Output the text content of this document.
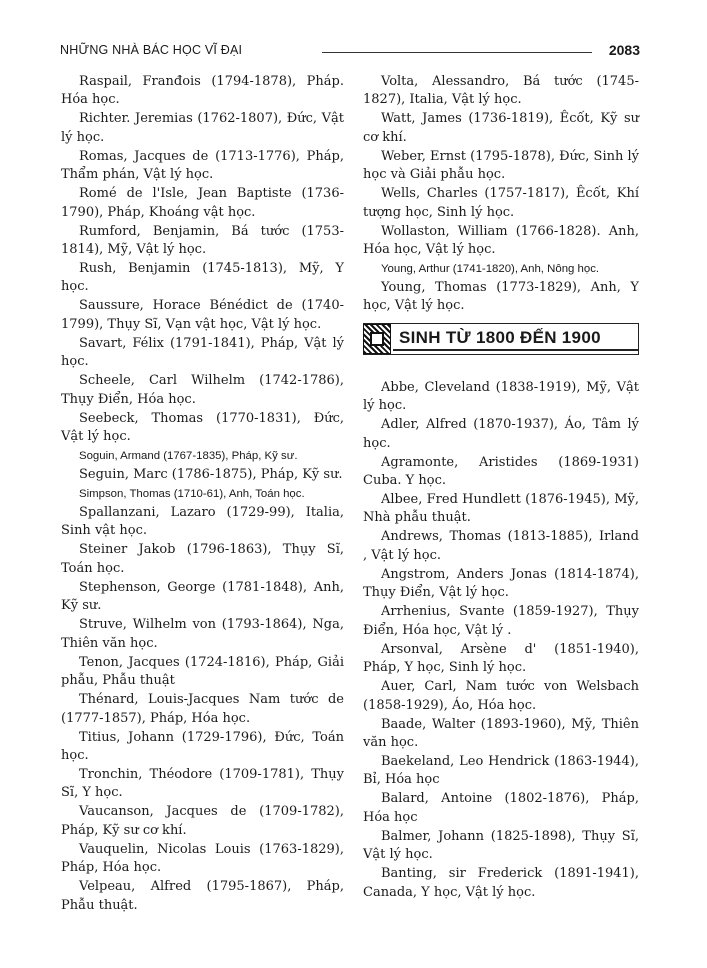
NHỮNG NHÀ BÁC HỌC VĨ ĐẠI	2083

Raspail, Franđois (1794-1878), Pháp. Hóa học.

Richter. Jeremias (1762-1807), Đức, Vật lý học.

Romas, Jacques de (1713-1776), Pháp, Thẩm phán, Vật lý học.

Romé de l'Isle, Jean Baptiste (1736-1790), Pháp, Khoáng vật học.

Rumford, Benjamin, Bá tước (1753-1814), Mỹ, Vật lý học.

Rush, Benjamin (1745-1813), Mỹ, Y học.

Saussure, Horace Bénédict de (1740-1799), Thụy Sĩ, Vạn vật học, Vật lý học.

Savart, Félix (1791-1841), Pháp, Vật lý học.

Scheele, Carl Wilhelm (1742-1786), Thụy Điển, Hóa học.

Seebeck, Thomas (1770-1831), Đức, Vật lý học.

Soguin, Armand (1767-1835), Pháp, Kỹ sư.

Seguin, Marc (1786-1875), Pháp, Kỹ sư.

Simpson, Thomas (1710-61), Anh, Toán học.

Spallanzani, Lazaro (1729-99), Italia, Sinh vật học.

Steiner Jakob (1796-1863), Thụy Sĩ, Toán học.

Stephenson, George (1781-1848), Anh, Kỹ sư.

Struve, Wilhelm von (1793-1864), Nga, Thiên văn học.

Tenon, Jacques (1724-1816), Pháp, Giải phẫu, Phẫu thuật

Thénard, Louis-Jacques Nam tước de (1777-1857), Pháp, Hóa học.

Titius, Johann (1729-1796), Đức, Toán học.

Tronchin, Théodore (1709-1781), Thụy Sĩ, Y học.

Vaucanson, Jacques de (1709-1782), Pháp, Kỹ sư cơ khí.

Vauquelin, Nicolas Louis (1763-1829), Pháp, Hóa học.

Velpeau, Alfred (1795-1867), Pháp, Phẫu thuật.

Volta, Alessandro, Bá tước (1745-1827), Italia, Vật lý học.

Watt, James (1736-1819), Êcốt, Kỹ sư cơ khí.

Weber, Ernst (1795-1878), Đức, Sinh lý học và Giải phẫu học.

Wells, Charles (1757-1817), Êcốt, Khí tượng học, Sinh lý học.

Wollaston, William (1766-1828). Anh, Hóa học, Vật lý học.

Young, Arthur (1741-1820), Anh, Nông học.

Young, Thomas (1773-1829), Anh, Y học, Vật lý học.

SINH TỪ 1800 ĐẾN 1900

Abbe, Cleveland (1838-1919), Mỹ, Vật lý học.

Adler, Alfred (1870-1937), Áo, Tâm lý học.

Agramonte, Aristides (1869-1931) Cuba. Y học.

Albee, Fred Hundlett (1876-1945), Mỹ, Nhà phẫu thuật.

Andrews, Thomas (1813-1885), Irland , Vật lý học.

Angstrom, Anders Jonas (1814-1874), Thụy Điển, Vật lý học.

Arrhenius, Svante (1859-1927), Thụy Điển, Hóa học, Vật lý .

Arsonval, Arsène d' (1851-1940), Pháp, Y học, Sinh lý học.

Auer, Carl, Nam tước von Welsbach (1858-1929), Áo, Hóa học.

Baade, Walter (1893-1960), Mỹ, Thiên văn học.

Baekeland, Leo Hendrick (1863-1944), Bỉ, Hóa học

Balard, Antoine (1802-1876), Pháp, Hóa học

Balmer, Johann (1825-1898), Thụy Sĩ, Vật lý học.

Banting, sir Frederick (1891-1941), Canada, Y học, Vật lý học.
